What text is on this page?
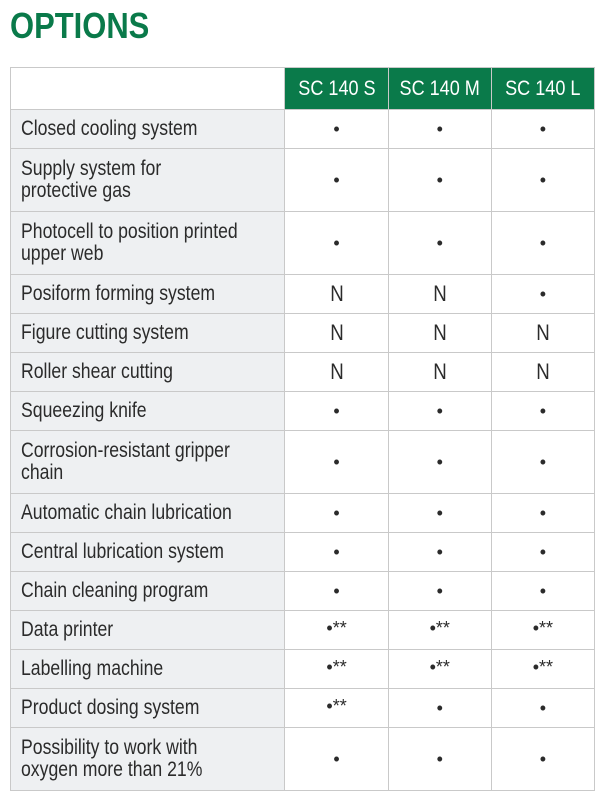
OPTIONS
	SC 140 S	SC 140 M	SC 140 L
Closed cooling system	•	•	•
Supply system for
protective gas	•	•	•
Photocell to position printed
upper web	•	•	•
Posiform forming system	N	N	•
Figure cutting system	N	N	N
Roller shear cutting	N	N	N
Squeezing knife	•	•	•
Corrosion-resistant gripper
chain	•	•	•
Automatic chain lubrication	•	•	•
Central lubrication system	•	•	•
Chain cleaning program	•	•	•
Data printer	•**	•**	•**
Labelling machine	•**	•**	•**
Product dosing system	•**	•	•
Possibility to work with
oxygen more than 21%	•	•	•
